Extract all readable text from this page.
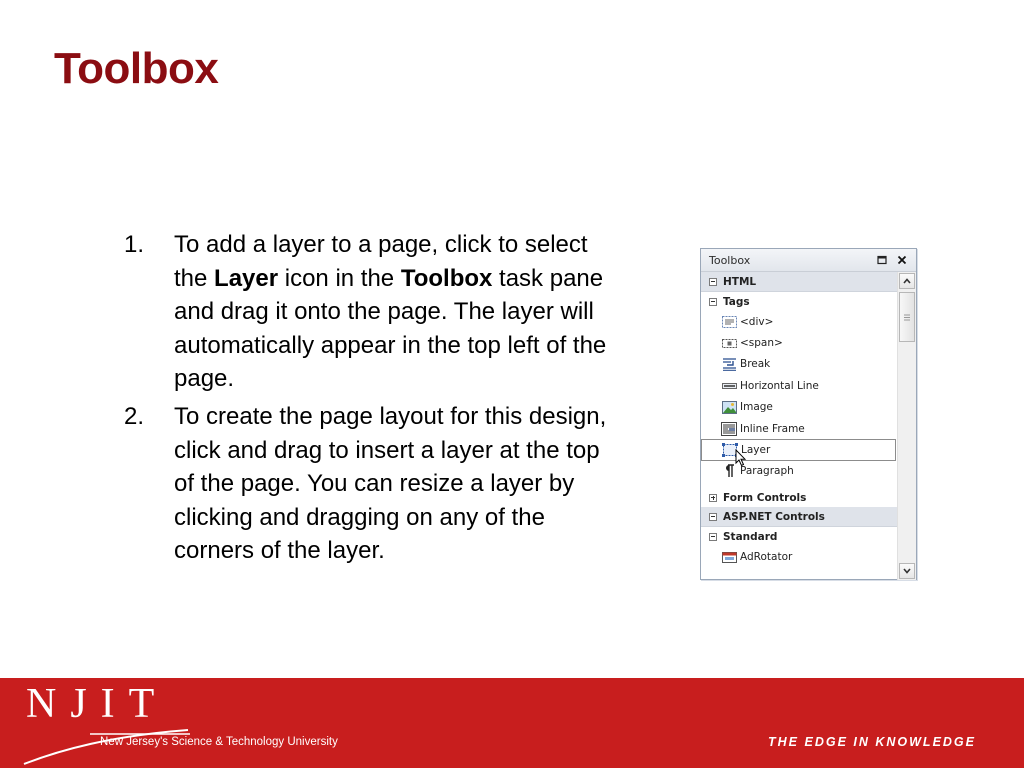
Toolbox
1.	To add a layer to a page, click to select the Layer icon in the Toolbox task pane and drag it onto the page. The layer will automatically appear in the top left of the page.
2.	To create the page layout for this design, click and drag to insert a layer at the top of the page. You can resize a layer by clicking and dragging on any of the corners of the layer.
Toolbox
HTML
Tags
<div>
<span>
Break
Horizontal Line
Image
Inline Frame
Layer
Paragraph
Form Controls
ASP.NET Controls
Standard
AdRotator
NJIT
New Jersey's Science & Technology University	THE EDGE IN KNOWLEDGE
